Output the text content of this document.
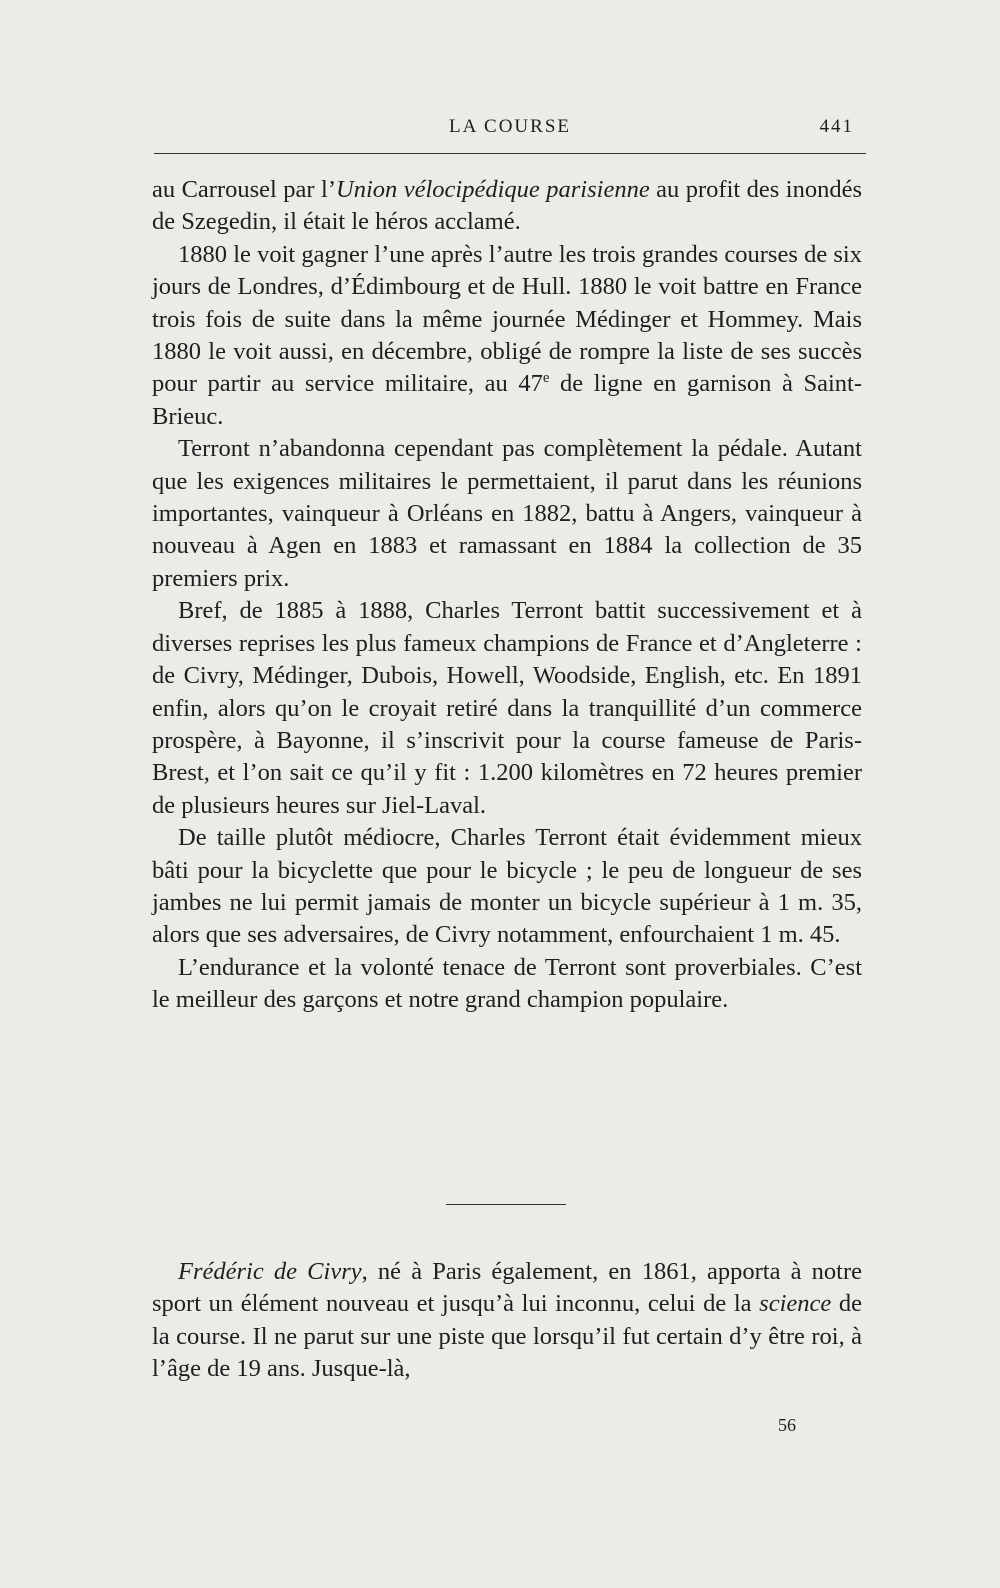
LA COURSE	441

au Carrousel par l’Union vélocipédique parisienne au profit des inondés de Szegedin, il était le héros acclamé.

1880 le voit gagner l’une après l’autre les trois grandes courses de six jours de Londres, d’Édimbourg et de Hull. 1880 le voit battre en France trois fois de suite dans la même journée Médinger et Hommey. Mais 1880 le voit aussi, en décembre, obligé de rompre la liste de ses succès pour partir au service militaire, au 47e de ligne en garnison à Saint-Brieuc.

Terront n’abandonna cependant pas complètement la pédale. Autant que les exigences militaires le permettaient, il parut dans les réunions importantes, vainqueur à Orléans en 1882, battu à Angers, vainqueur à nouveau à Agen en 1883 et ramassant en 1884 la collection de 35 premiers prix.

Bref, de 1885 à 1888, Charles Terront battit successivement et à diverses reprises les plus fameux champions de France et d’Angleterre : de Civry, Médinger, Dubois, Howell, Woodside, English, etc. En 1891 enfin, alors qu’on le croyait retiré dans la tranquillité d’un commerce prospère, à Bayonne, il s’inscrivit pour la course fameuse de Paris-Brest, et l’on sait ce qu’il y fit : 1.200 kilomètres en 72 heures premier de plusieurs heures sur Jiel-Laval.

De taille plutôt médiocre, Charles Terront était évidemment mieux bâti pour la bicyclette que pour le bicycle ; le peu de longueur de ses jambes ne lui permit jamais de monter un bicycle supérieur à 1 m. 35, alors que ses adversaires, de Civry notamment, enfourchaient 1 m. 45.

L’endurance et la volonté tenace de Terront sont proverbiales. C’est le meilleur des garçons et notre grand champion populaire.

Frédéric de Civry, né à Paris également, en 1861, apporta à notre sport un élément nouveau et jusqu’à lui inconnu, celui de la science de la course. Il ne parut sur une piste que lorsqu’il fut certain d’y être roi, à l’âge de 19 ans. Jusque-là,

56
